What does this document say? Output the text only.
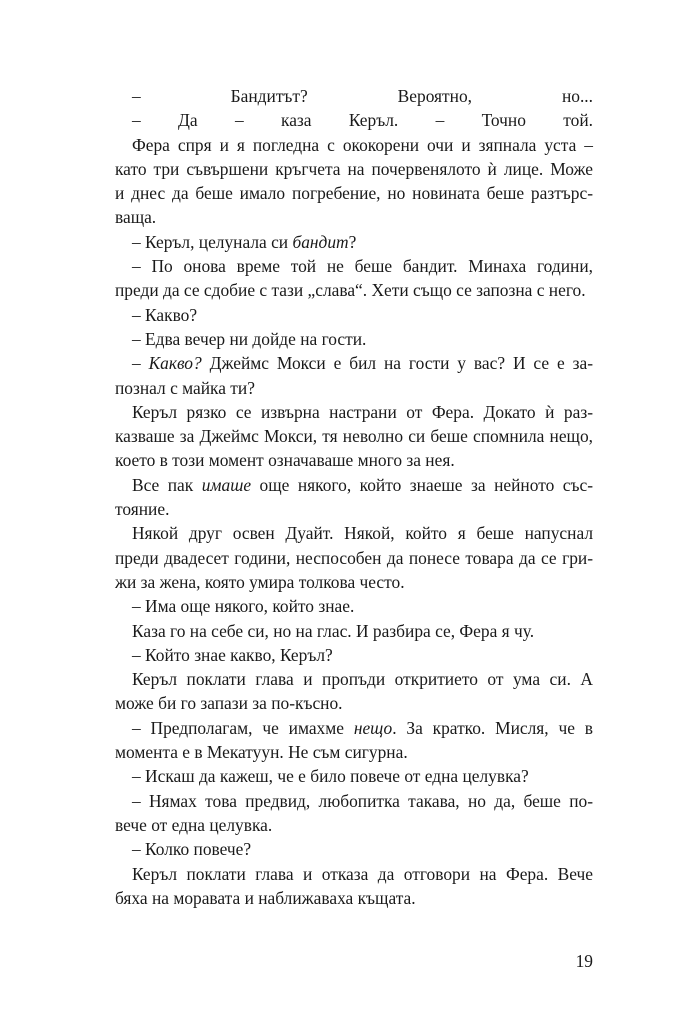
– Бандитът? Вероятно, но...

– Да – каза Керъл. – Точно той.

Фера спря и я погледна с ококорени очи и зяпнала уста –

като три съвършени кръгчета на почервенялото ѝ лице. Може

и днес да беше имало погребение, но новината беше разтърс-

ваща.

– Керъл, целунала си бандит?

– По онова време той не беше бандит. Минаха години,

преди да се сдобие с тази „слава“. Хети също се запозна с него.

– Какво?

– Едва вечер ни дойде на гости.

– Какво? Джеймс Мокси е бил на гости у вас? И се е за-

познал с майка ти?

Керъл рязко се извърна настрани от Фера. Докато ѝ раз-

казваше за Джеймс Мокси, тя неволно си беше спомнила нещо,

което в този момент означаваше много за нея.

Все пак имаше още някого, който знаеше за нейното със-

тояние.

Някой друг освен Дуайт. Някой, който я беше напуснал

преди двадесет години, неспособен да понесе товара да се гри-

жи за жена, която умира толкова често.

– Има още някого, който знае.

Каза го на себе си, но на глас. И разбира се, Фера я чу.

– Който знае какво, Керъл?

Керъл поклати глава и пропъди откритието от ума си. А

може би го запази за по-късно.

– Предполагам, че имахме нещо. За кратко. Мисля, че в

момента е в Мекатуун. Не съм сигурна.

– Искаш да кажеш, че е било повече от една целувка?

– Нямах това предвид, любопитка такава, но да, беше по-

вече от една целувка.

– Колко повече?

Керъл поклати глава и отказа да отговори на Фера. Вече

бяха на моравата и наближаваха къщата.

19
